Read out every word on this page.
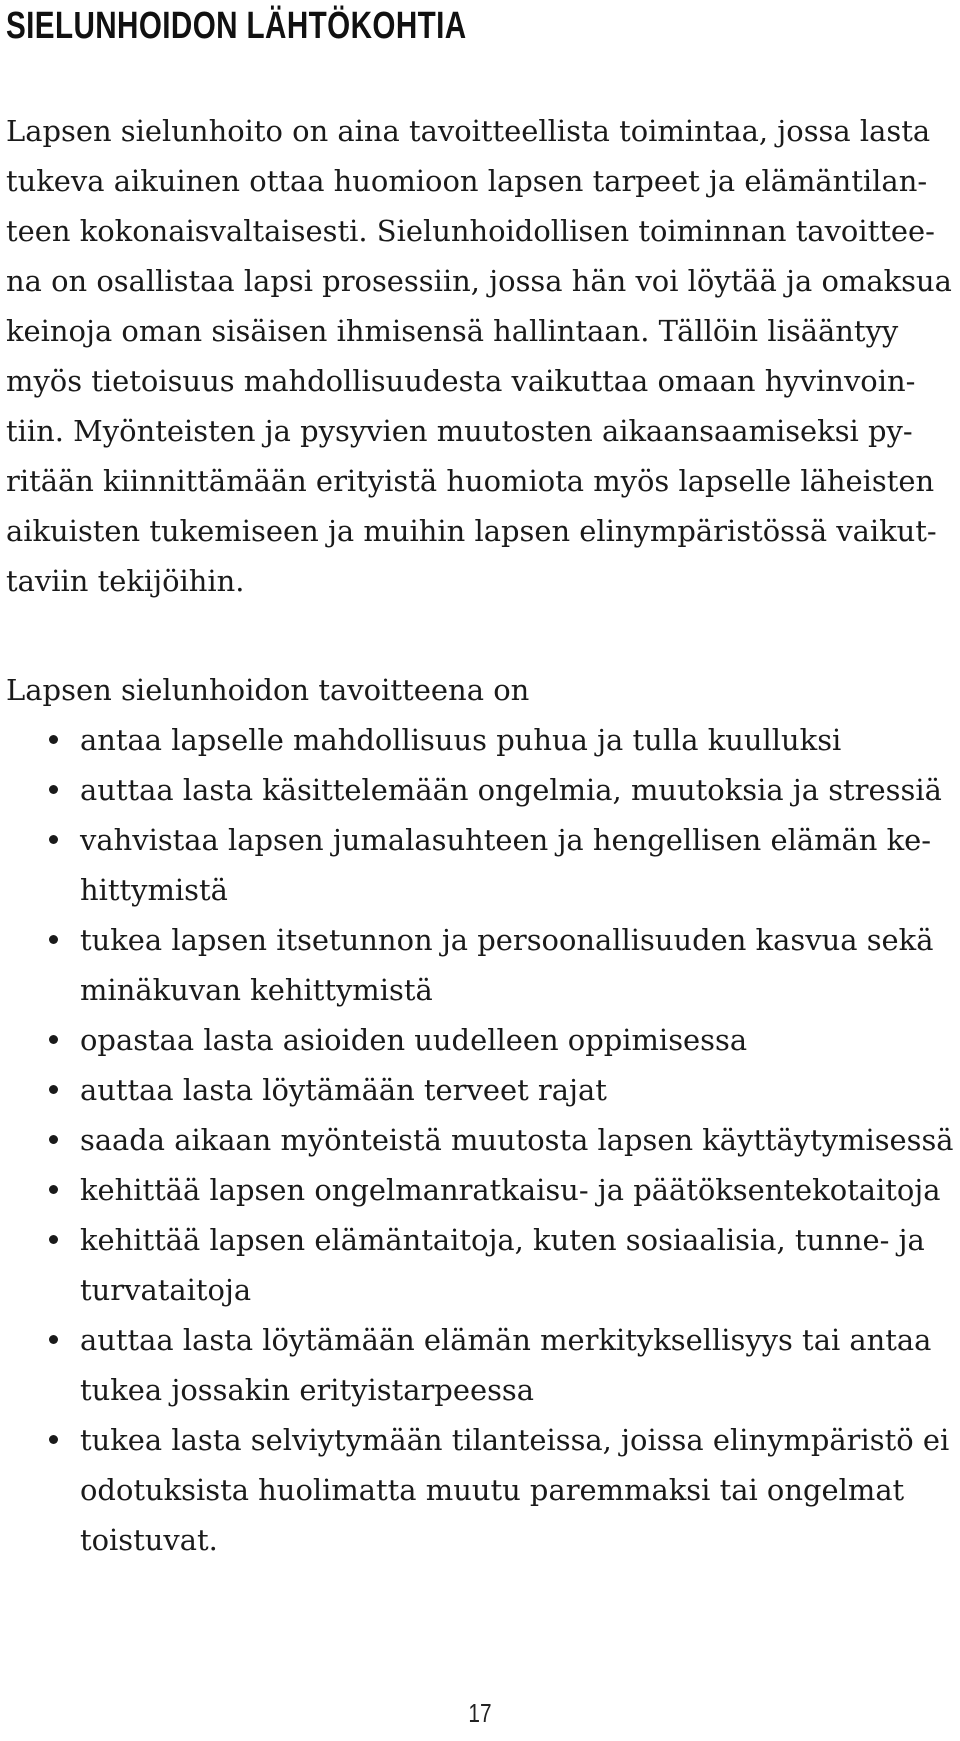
SIELUNHOIDON LÄHTÖKOHTIA

Lapsen sielunhoito on aina tavoitteellista toimintaa, jossa lasta
tukeva aikuinen ottaa huomioon lapsen tarpeet ja elämäntilan-
teen kokonaisvaltaisesti. Sielunhoidollisen toiminnan tavoittee-
na on osallistaa lapsi prosessiin, jossa hän voi löytää ja omaksua
keinoja oman sisäisen ihmisensä hallintaan. Tällöin lisääntyy
myös tietoisuus mahdollisuudesta vaikuttaa omaan hyvinvoin-
tiin. Myönteisten ja pysyvien muutosten aikaansaamiseksi py-
ritään kiinnittämään erityistä huomiota myös lapselle läheisten
aikuisten tukemiseen ja muihin lapsen elinympäristössä vaikut-
taviin tekijöihin.

Lapsen sielunhoidon tavoitteena on

antaa lapselle mahdollisuus puhua ja tulla kuulluksi
auttaa lasta käsittelemään ongelmia, muutoksia ja stressiä
vahvistaa lapsen jumalasuhteen ja hengellisen elämän ke-
hittymistä
tukea lapsen itsetunnon ja persoonallisuuden kasvua sekä
minäkuvan kehittymistä
opastaa lasta asioiden uudelleen oppimisessa
auttaa lasta löytämään terveet rajat
saada aikaan myönteistä muutosta lapsen käyttäytymisessä
kehittää lapsen ongelmanratkaisu- ja päätöksentekotaitoja
kehittää lapsen elämäntaitoja, kuten sosiaalisia, tunne- ja
turvataitoja
auttaa lasta löytämään elämän merkityksellisyys tai antaa
tukea jossakin erityistarpeessa
tukea lasta selviytymään tilanteissa, joissa elinympäristö ei
odotuksista huolimatta muutu paremmaksi tai ongelmat
toistuvat.
17
